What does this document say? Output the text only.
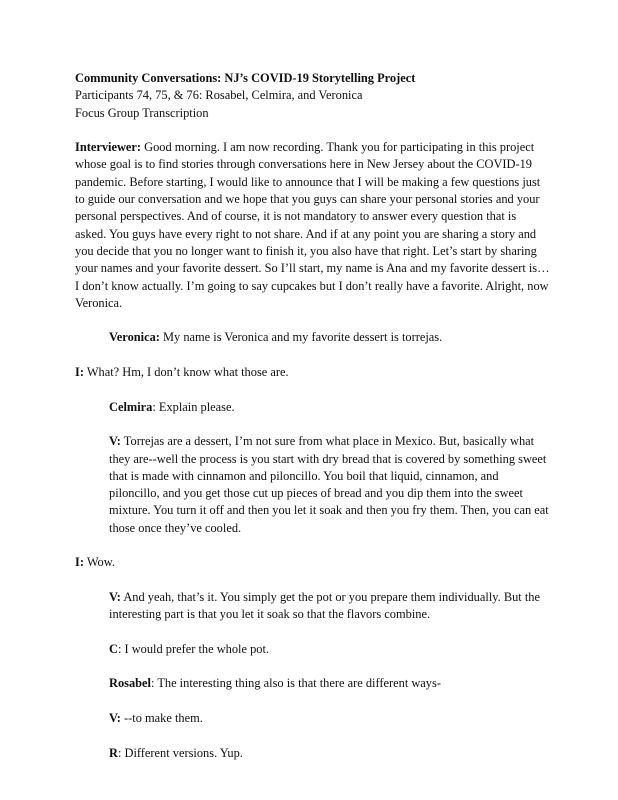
Community Conversations: NJ’s COVID-19 Storytelling Project

Participants 74, 75, & 76: Rosabel, Celmira, and Veronica

Focus Group Transcription

Interviewer: Good morning. I am now recording. Thank you for participating in this project whose goal is to find stories through conversations here in New Jersey about the COVID-19 pandemic. Before starting, I would like to announce that I will be making a few questions just to guide our conversation and we hope that you guys can share your personal stories and your personal perspectives. And of course, it is not mandatory to answer every question that is asked. You guys have every right to not share. And if at any point you are sharing a story and you decide that you no longer want to finish it, you also have that right. Let’s start by sharing your names and your favorite dessert. So I’ll start, my name is Ana and my favorite dessert is… I don’t know actually. I’m going to say cupcakes but I don’t really have a favorite. Alright, now Veronica.

Veronica: My name is Veronica and my favorite dessert is torrejas.

I: What? Hm, I don’t know what those are.

Celmira: Explain please.

V: Torrejas are a dessert, I’m not sure from what place in Mexico. But, basically what they are--well the process is you start with dry bread that is covered by something sweet that is made with cinnamon and piloncillo. You boil that liquid, cinnamon, and piloncillo, and you get those cut up pieces of bread and you dip them into the sweet mixture. You turn it off and then you let it soak and then you fry them. Then, you can eat those once they’ve cooled.

I: Wow.

V: And yeah, that’s it. You simply get the pot or you prepare them individually. But the interesting part is that you let it soak so that the flavors combine.

C: I would prefer the whole pot.

Rosabel: The interesting thing also is that there are different ways-

V: --to make them.

R: Different versions. Yup.
